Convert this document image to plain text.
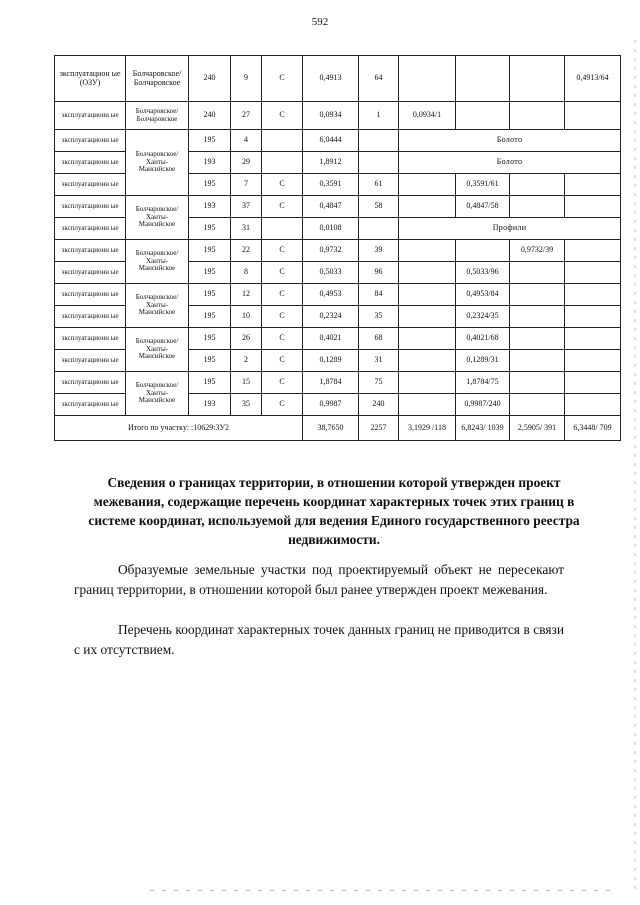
592
эксплуатацион ые (ОЗУ)	Болчаровское/ Болчаровское	240	9	С	0,4913	64				0,4913/64
эксплуатационн ые	Болчаровское/ Болчаровское	240	27	С	0,0934	1	0,0934/1			
эксплуатационн ые	Болчаровское/ Ханты- Мансийское	195	4		6,0444		Болото			
эксплуатационн ые		193	29		1,8912		Болото			
эксплуатационн ые		195	7	С	0,3591	61		0,3591/61		
эксплуатационн ые	Болчаровское/ Ханты- Мансийское	193	37	С	0,4847	58		0,4847/58		
эксплуатационн ые		195	31		0,0108		Профили			
эксплуатационн ые	Болчаровское/ Ханты- Мансийское	195	22	С	0,9732	39			0,9732/39	
эксплуатационн ые		195	8	С	0,5033	96		0,5033/96		
эксплуатационн ые	Болчаровское/ Ханты- Мансийское	195	12	С	0,4953	84		0,4953/84		
эксплуатационн ые		195	10	С	0,2324	35		0,2324/35		
эксплуатационн ые	Болчаровское/ Ханты- Мансийское	195	26	С	0,4021	68		0,4021/68		
эксплуатационн ые		195	2	С	0,1289	31		0,1289/31		
эксплуатационн ые	Болчаровское/ Ханты- Мансийское	195	15	С	1,8784	75		1,8784/75		
эксплуатационн ые		193	35	С	0,9987	240		0,9987/240		
Итого по участку: :10629:ЗУ2					38,7650	2257	3,1929 /118	6,8243/ 1039	2,5905/ 391	6,3448/ 709
Сведения о границах территории, в отношении которой утвержден проект межевания, содержащие перечень координат характерных точек этих границ в системе координат, используемой для ведения Единого государственного реестра недвижимости.
Образуемые земельные участки под проектируемый объект не пересекают границ территории, в отношении которой был ранее утвержден проект межевания.
Перечень координат характерных точек данных границ не приводится в связи с их отсутствием.
